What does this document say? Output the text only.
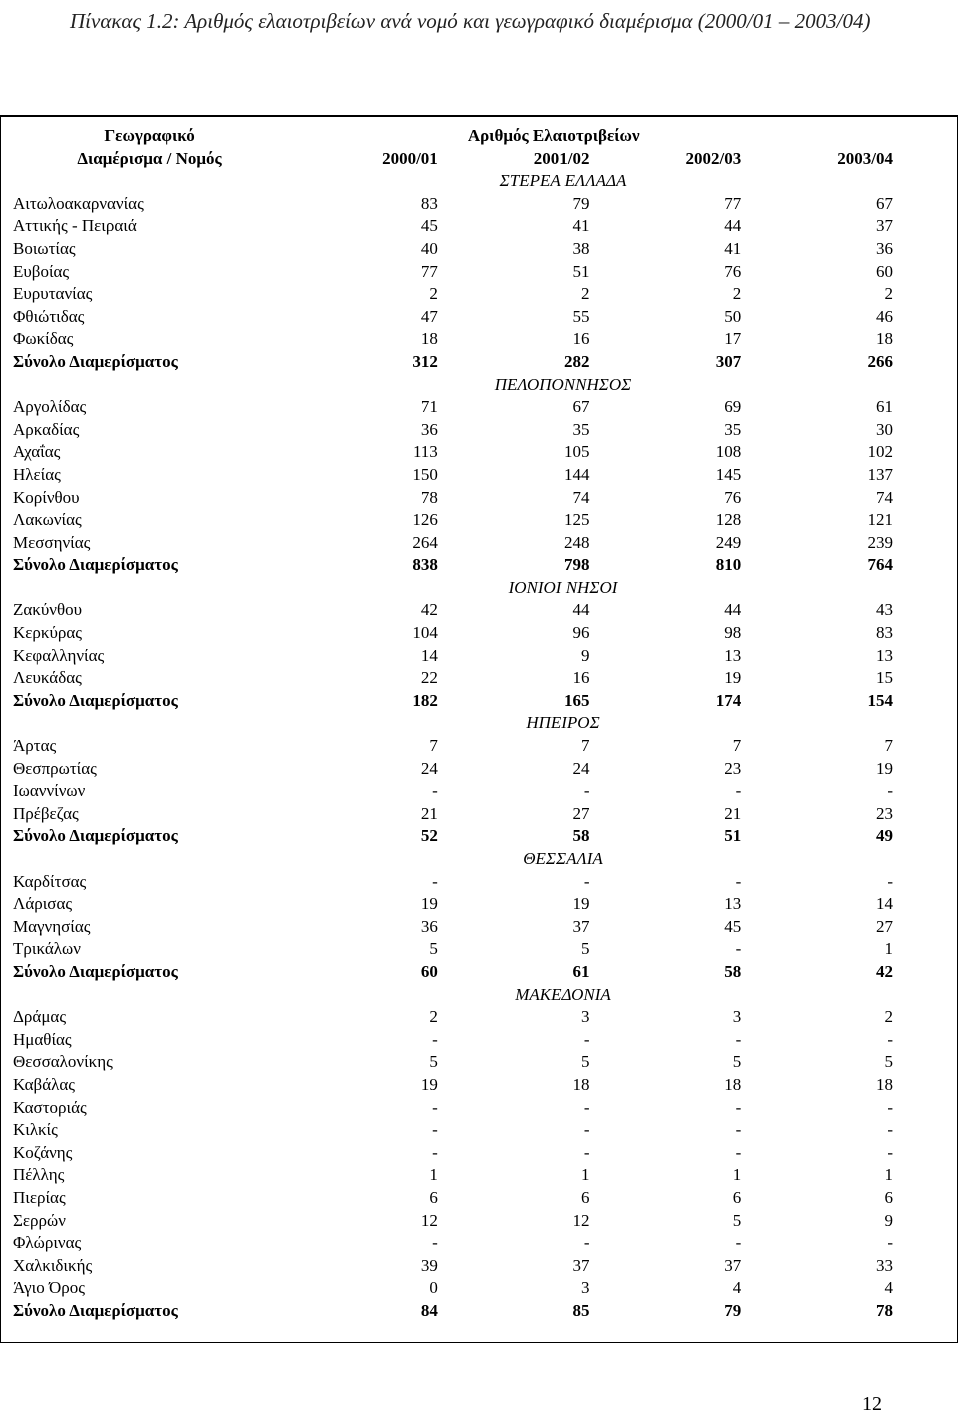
Πίνακας 1.2: Αριθμός ελαιοτριβείων ανά νομό και γεωγραφικό διαμέρισμα (2000/01 – 2003/04)
Γεωγραφικό		Αριθμός Ελαιοτριβείων		
Διαμέρισμα / Νομός	2000/01	2001/02	2002/03	2003/04
ΣΤΕΡΕΑ ΕΛΛΑΔΑ				
Αιτωλοακαρνανίας	83	79	77	67
Αττικής - Πειραιά	45	41	44	37
Βοιωτίας	40	38	41	36
Ευβοίας	77	51	76	60
Ευρυτανίας	2	2	2	2
Φθιώτιδας	47	55	50	46
Φωκίδας	18	16	17	18
Σύνολο Διαμερίσματος	312	282	307	266
ΠΕΛΟΠΟΝΝΗΣΟΣ				
Αργολίδας	71	67	69	61
Αρκαδίας	36	35	35	30
Αχαΐας	113	105	108	102
Ηλείας	150	144	145	137
Κορίνθου	78	74	76	74
Λακωνίας	126	125	128	121
Μεσσηνίας	264	248	249	239
Σύνολο Διαμερίσματος	838	798	810	764
ΙΟΝΙΟΙ ΝΗΣΟΙ				
Ζακύνθου	42	44	44	43
Κερκύρας	104	96	98	83
Κεφαλληνίας	14	9	13	13
Λευκάδας	22	16	19	15
Σύνολο Διαμερίσματος	182	165	174	154
ΗΠΕΙΡΟΣ				
Άρτας	7	7	7	7
Θεσπρωτίας	24	24	23	19
Ιωαννίνων	-	-	-	-
Πρέβεζας	21	27	21	23
Σύνολο Διαμερίσματος	52	58	51	49
ΘΕΣΣΑΛΙΑ				
Καρδίτσας	-	-	-	-
Λάρισας	19	19	13	14
Μαγνησίας	36	37	45	27
Τρικάλων	5	5	-	1
Σύνολο Διαμερίσματος	60	61	58	42
ΜΑΚΕΔΟΝΙΑ				
Δράμας	2	3	3	2
Ημαθίας	-	-	-	-
Θεσσαλονίκης	5	5	5	5
Καβάλας	19	18	18	18
Καστοριάς	-	-	-	-
Κιλκίς	-	-	-	-
Κοζάνης	-	-	-	-
Πέλλης	1	1	1	1
Πιερίας	6	6	6	6
Σερρών	12	12	5	9
Φλώρινας	-	-	-	-
Χαλκιδικής	39	37	37	33
Άγιο Όρος	0	3	4	4
Σύνολο Διαμερίσματος	84	85	79	78
12
